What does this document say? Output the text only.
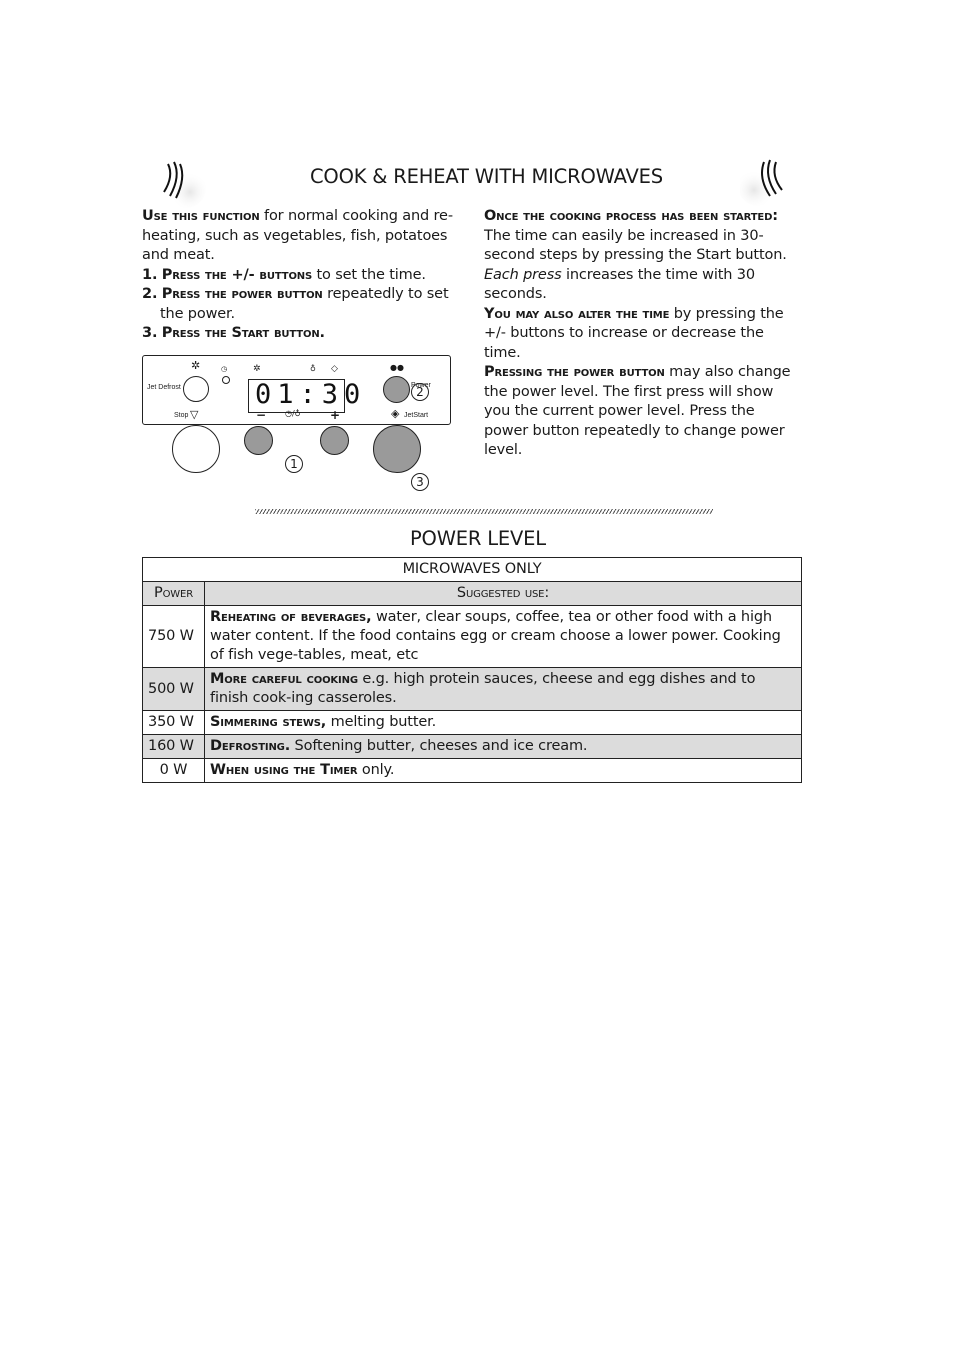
COOK & REHEAT WITH MICROWAVES

Use this function for normal cooking and re-heating, such as vegetables, fish, potatoes and meat.

1. Press the +/- buttons to set the time.

2. Press the power button repeatedly to set the power.

3. Press the Start button.

Once the cooking process has been started:
The time can easily be increased in 30-second steps by pressing the Start button. Each press increases the time with 30 seconds.

You may also alter the time by pressing the +/- buttons to increase or decrease the time.

Pressing the power button may also change the power level. The first press will show you the current power level. Press the power button repeatedly to change power level.

Jet Defrost
✲	◷	✲	♁ ◇
01:30
Stop ▽	− ◷/♁ +
●●
Power
◈ JetStart
1
2
3
POWER LEVEL
MICROWAVES ONLY	
Power	Suggested use:
750 W	Reheating of beverages, water, clear soups, coffee, tea or other food with a high water content. If the food contains egg or cream choose a lower power. Cooking of fish vege-tables, meat, etc
500 W	More careful cooking e.g. high protein sauces, cheese and egg dishes and to finish cook-ing casseroles.
350 W	Simmering stews, melting butter.
160 W	Defrosting. Softening butter, cheeses and ice cream.
0 W	When using the Timer only.
